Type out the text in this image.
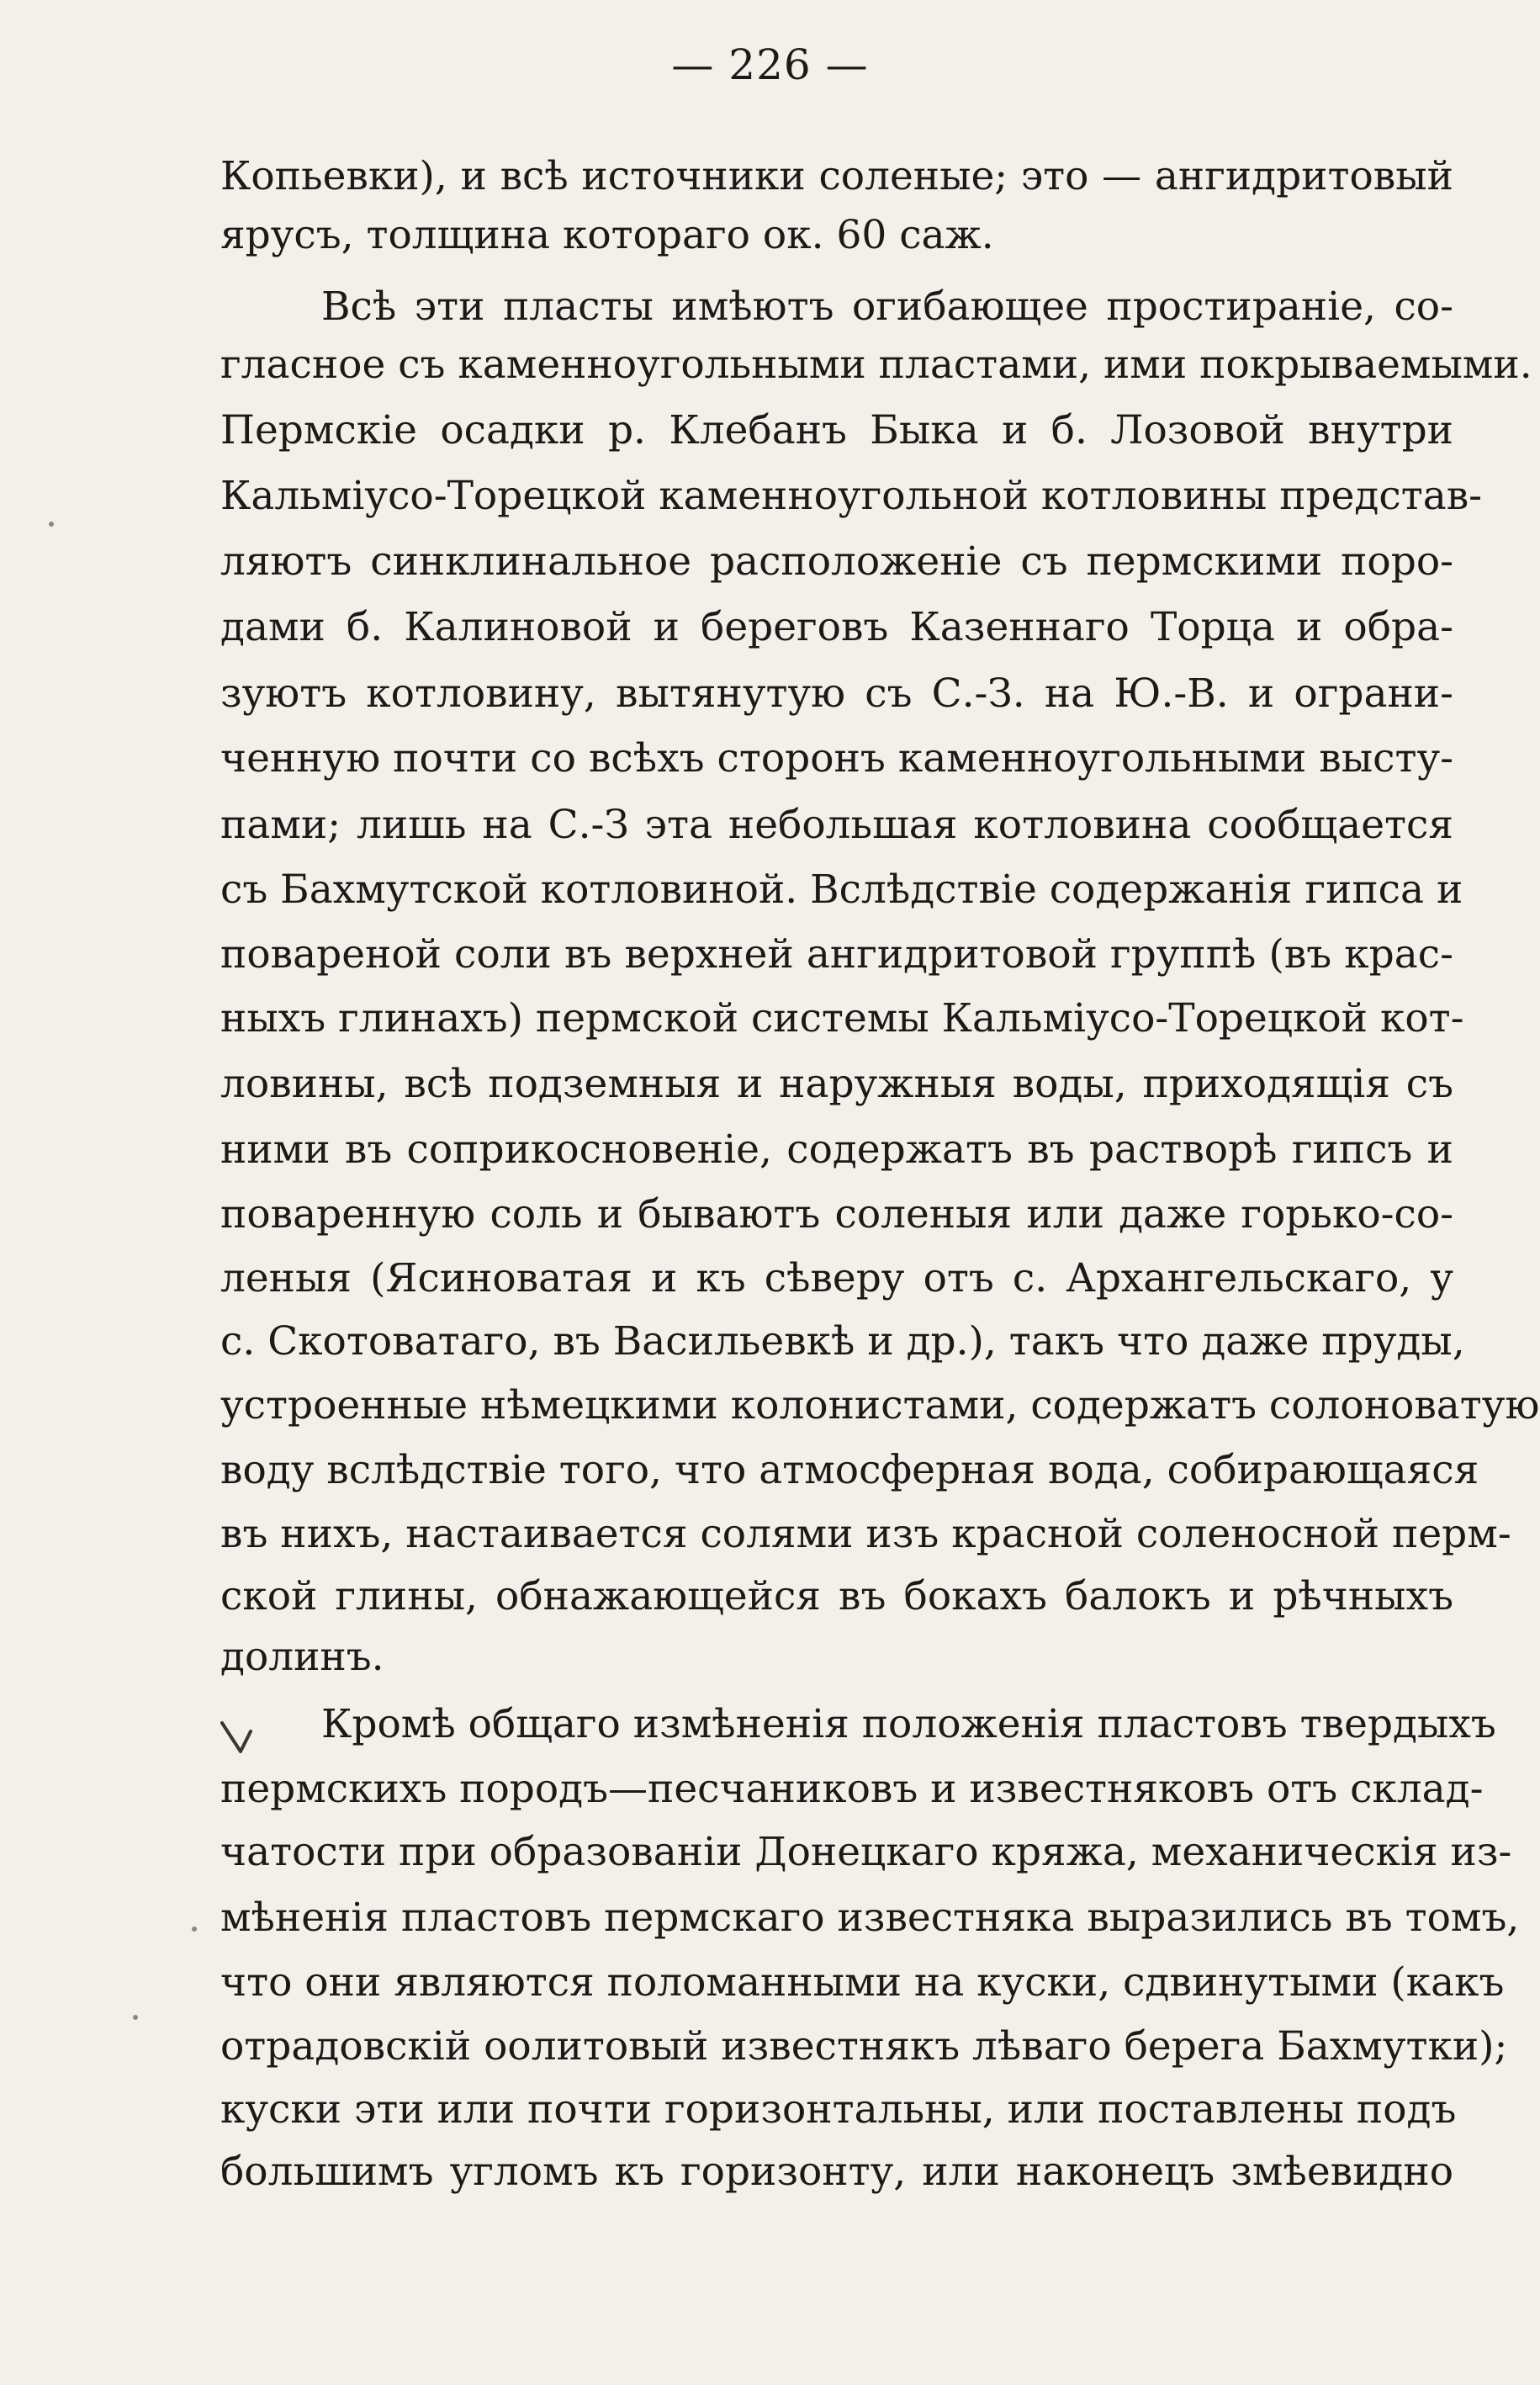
— 226 —
Копьевки), и всѣ источники соленые; это — ангидритовый
ярусъ, толщина котораго ок. 60 саж.
Всѣ эти пласты имѣютъ огибающее простиранiе, со-
гласное съ каменноугольными пластами, ими покрываемыми.
Пермскiе осадки р. Клебанъ Быка и б. Лозовой внутри
Кальмiусо-Торецкой каменноугольной котловины представ-
ляютъ синклинальное расположенiе съ пермскими поро-
дами б. Калиновой и береговъ Казеннаго Торца и обра-
зуютъ котловину, вытянутую съ С.-З. на Ю.-В. и ограни-
ченную почти со всѣхъ сторонъ каменноугольными высту-
пами; лишь на С.-З эта небольшая котловина сообщается
съ Бахмутской котловиной. Вслѣдствiе содержанiя гипса и
повареной соли въ верхней ангидритовой группѣ (въ крас-
ныхъ глинахъ) пермской системы Кальмiусо-Торецкой кот-
ловины, всѣ подземныя и наружныя воды, приходящiя съ
ними въ соприкосновенiе, содержатъ въ растворѣ гипсъ и
поваренную соль и бываютъ соленыя или даже горько-со-
леныя (Ясиноватая и къ сѣверу отъ с. Архангельскаго, у
с. Скотоватаго, въ Васильевкѣ и др.), такъ что даже пруды,
устроенные нѣмецкими колонистами, содержатъ солоноватую
воду вслѣдствiе того, что атмосферная вода, собирающаяся
въ нихъ, настаивается солями изъ красной соленосной перм-
ской глины, обнажающейся въ бокахъ балокъ и рѣчныхъ
долинъ.
Кромѣ общаго измѣненiя положенiя пластовъ твердыхъ
пермскихъ породъ—песчаниковъ и известняковъ отъ склад-
чатости при образованiи Донецкаго кряжа, механическiя из-
мѣненiя пластовъ пермскаго известняка выразились въ томъ,
что они являются поломанными на куски, сдвинутыми (какъ
отрадовскiй оолитовый известнякъ лѣваго берега Бахмутки);
куски эти или почти горизонтальны, или поставлены подъ
большимъ угломъ къ горизонту, или наконецъ змѣевидно
